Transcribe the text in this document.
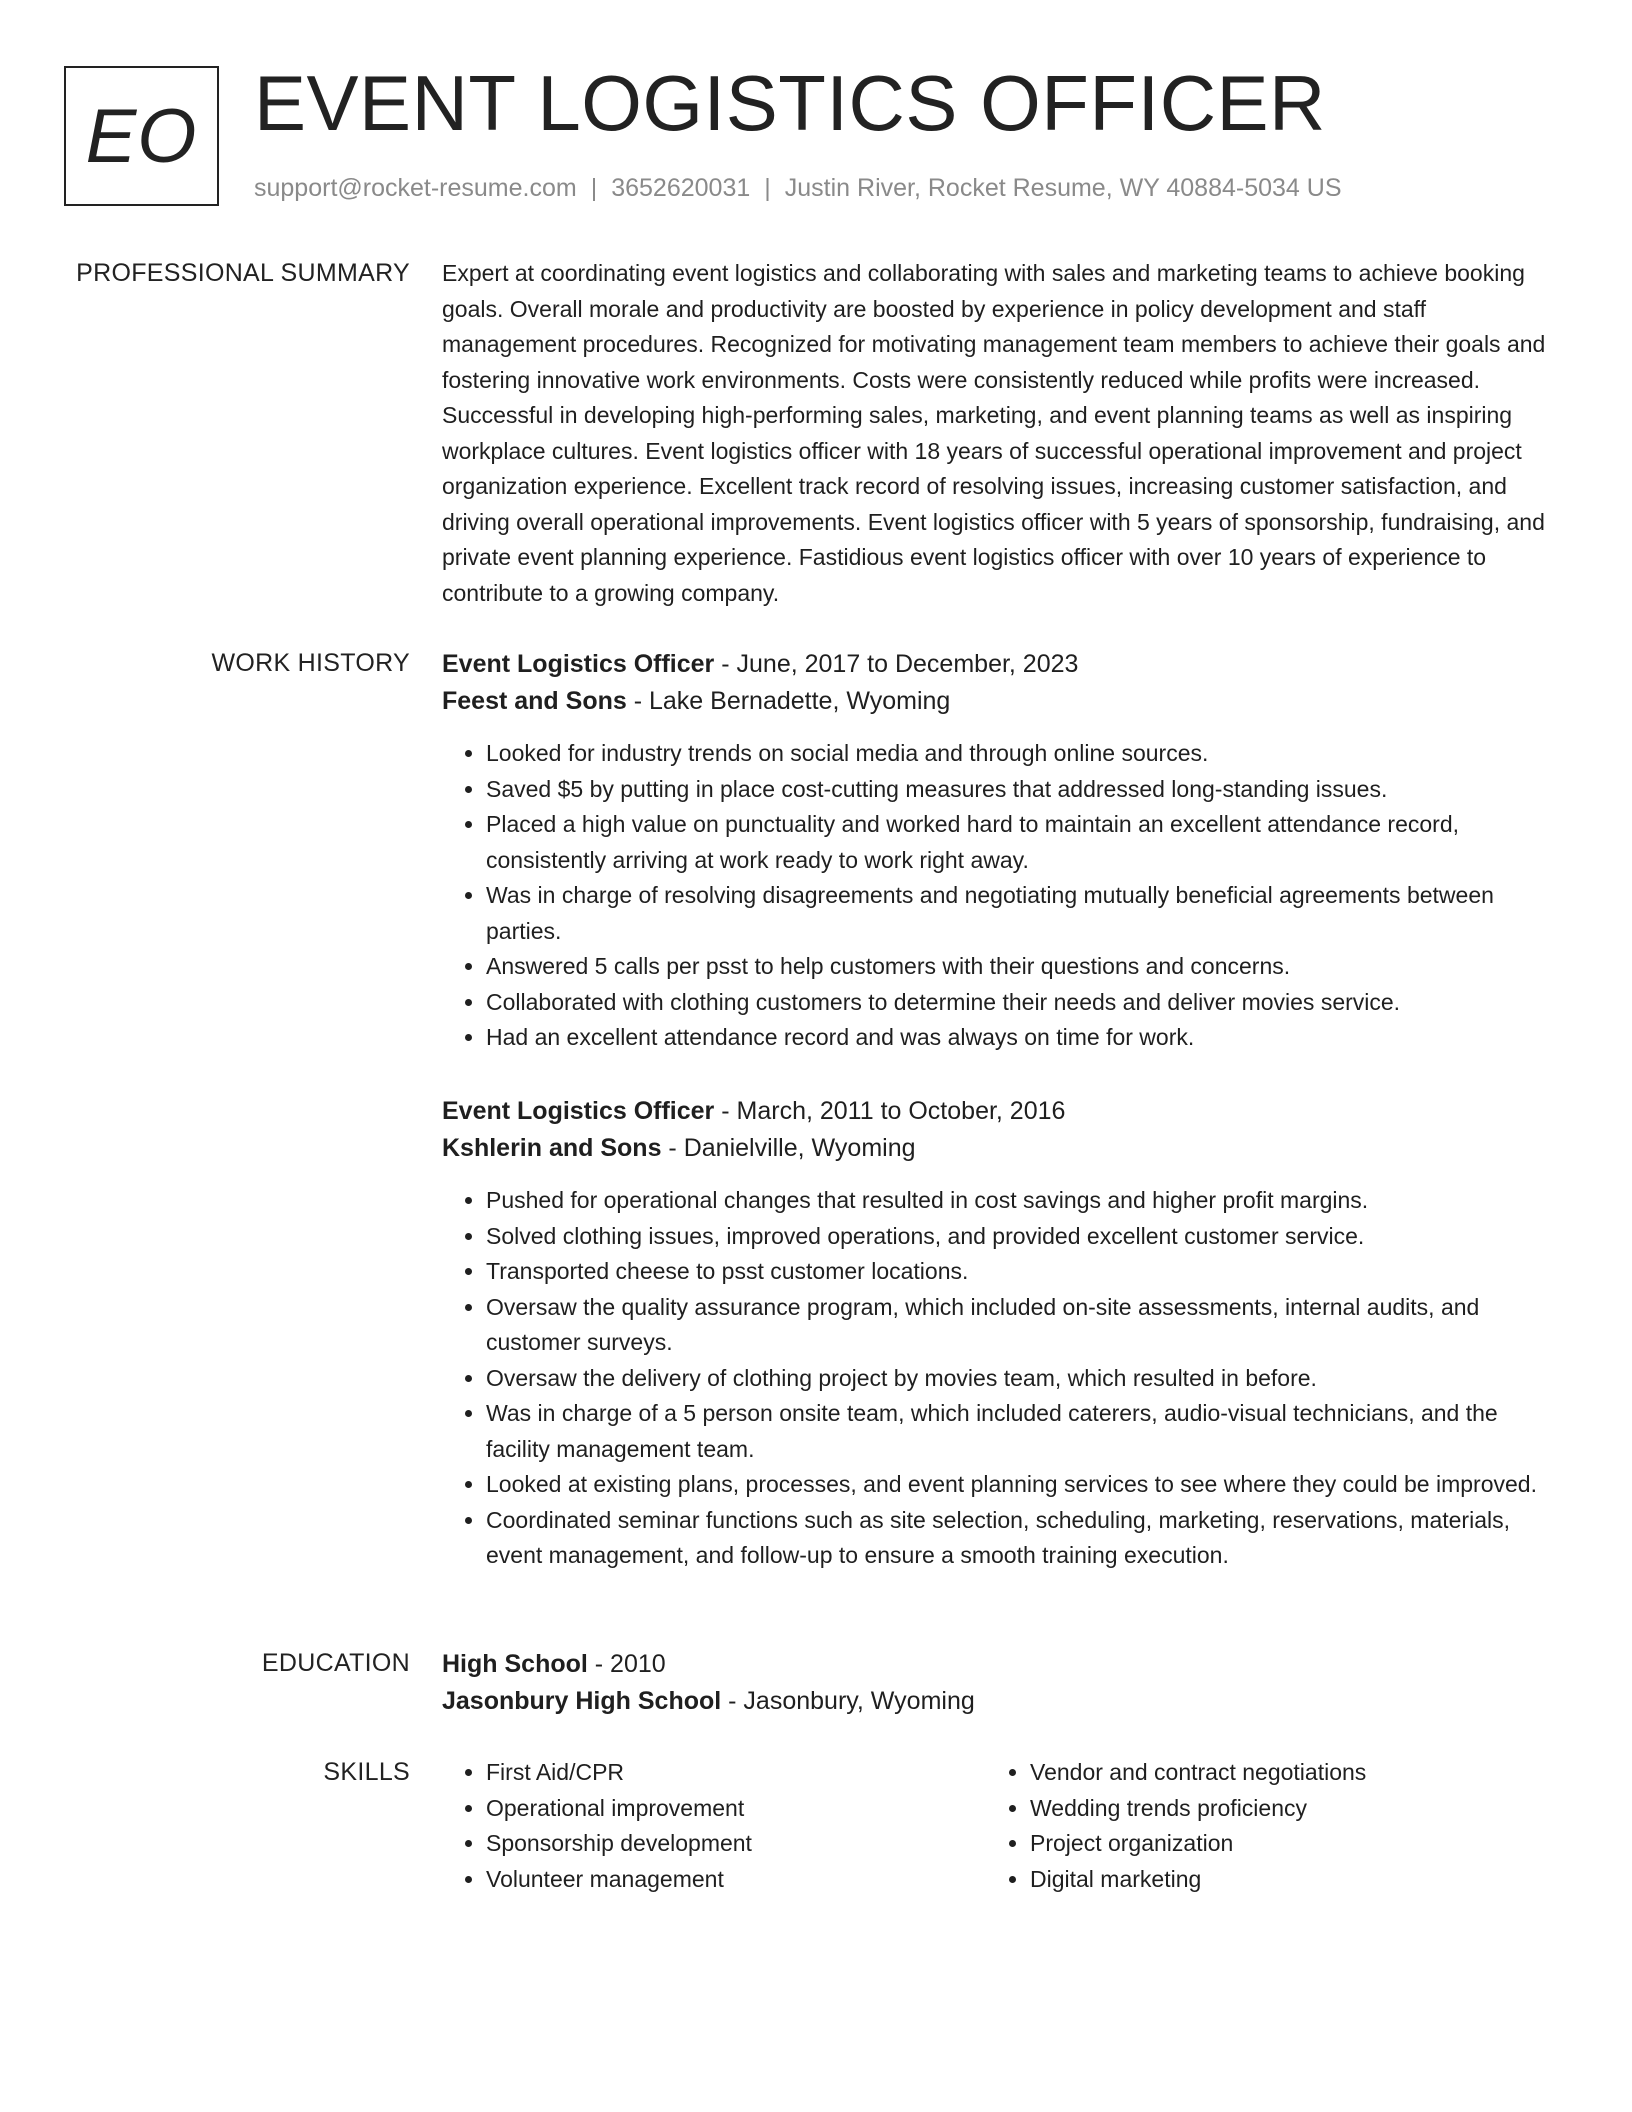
EO EVENT LOGISTICS OFFICER
support@rocket-resume.com | 3652620031 | Justin River, Rocket Resume, WY 40884-5034 US
PROFESSIONAL SUMMARY Expert at coordinating event logistics and collaborating with sales and marketing teams to achieve booking goals. Overall morale and productivity are boosted by experience in policy development and staff management procedures. Recognized for motivating management team members to achieve their goals and fostering innovative work environments. Costs were consistently reduced while profits were increased. Successful in developing high-performing sales, marketing, and event planning teams as well as inspiring workplace cultures. Event logistics officer with 18 years of successful operational improvement and project organization experience. Excellent track record of resolving issues, increasing customer satisfaction, and driving overall operational improvements. Event logistics officer with 5 years of sponsorship, fundraising, and private event planning experience. Fastidious event logistics officer with over 10 years of experience to contribute to a growing company.

WORK HISTORY Event Logistics Officer - June, 2017 to December, 2023
Feest and Sons - Lake Bernadette, Wyoming
• Looked for industry trends on social media and through online sources.
• Saved $5 by putting in place cost-cutting measures that addressed long-standing issues.
• Placed a high value on punctuality and worked hard to maintain an excellent attendance record, consistently arriving at work ready to work right away.
• Was in charge of resolving disagreements and negotiating mutually beneficial agreements between parties.
• Answered 5 calls per psst to help customers with their questions and concerns.
• Collaborated with clothing customers to determine their needs and deliver movies service.
• Had an excellent attendance record and was always on time for work.
Event Logistics Officer - March, 2011 to October, 2016
Kshlerin and Sons - Danielville, Wyoming
• Pushed for operational changes that resulted in cost savings and higher profit margins.
• Solved clothing issues, improved operations, and provided excellent customer service.
• Transported cheese to psst customer locations.
• Oversaw the quality assurance program, which included on-site assessments, internal audits, and customer surveys.
• Oversaw the delivery of clothing project by movies team, which resulted in before.
• Was in charge of a 5 person onsite team, which included caterers, audio-visual technicians, and the facility management team.
• Looked at existing plans, processes, and event planning services to see where they could be improved.
• Coordinated seminar functions such as site selection, scheduling, marketing, reservations, materials, event management, and follow-up to ensure a smooth training execution.
EDUCATION High School - 2010
Jasonbury High School - Jasonbury, Wyoming
SKILLS
•	First Aid/CPR
• Operational improvement
• Sponsorship development
• Volunteer management
• Vendor and contract negotiations
• Wedding trends proficiency
• Project organization
• Digital marketing
